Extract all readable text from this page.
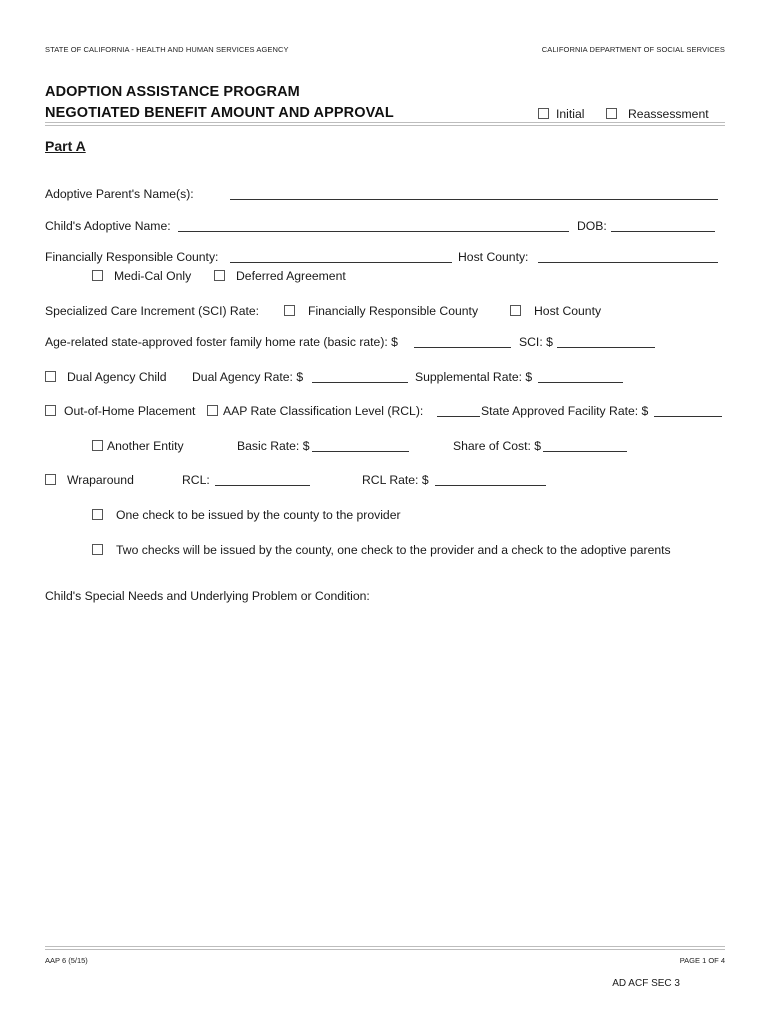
STATE OF CALIFORNIA - HEALTH AND HUMAN SERVICES AGENCY	CALIFORNIA DEPARTMENT OF SOCIAL SERVICES
ADOPTION ASSISTANCE PROGRAM
NEGOTIATED BENEFIT AMOUNT AND APPROVAL	Initial	Reassessment
Part A
Adoptive Parent's Name(s):
Child's Adoptive Name:	DOB:
Financially Responsible County:	Host County:
Medi-Cal Only	Deferred Agreement
Specialized Care Increment (SCI) Rate:	Financially Responsible County	Host County
Age-related state-approved foster family home rate (basic rate): $	SCI: $
Dual Agency Child Dual Agency Rate: $	Supplemental Rate: $
Out-of-Home Placement AAP Rate Classification Level (RCL):	State Approved Facility Rate: $
Another Entity	Basic Rate: $	Share of Cost: $
Wraparound	RCL:	RCL Rate: $
One check to be issued by the county to the provider
Two checks will be issued by the county, one check to the provider and a check to the adoptive parents
Child's Special Needs and Underlying Problem or Condition:
AAP 6 (5/15)	PAGE 1 OF 4
AD ACF SEC 3
